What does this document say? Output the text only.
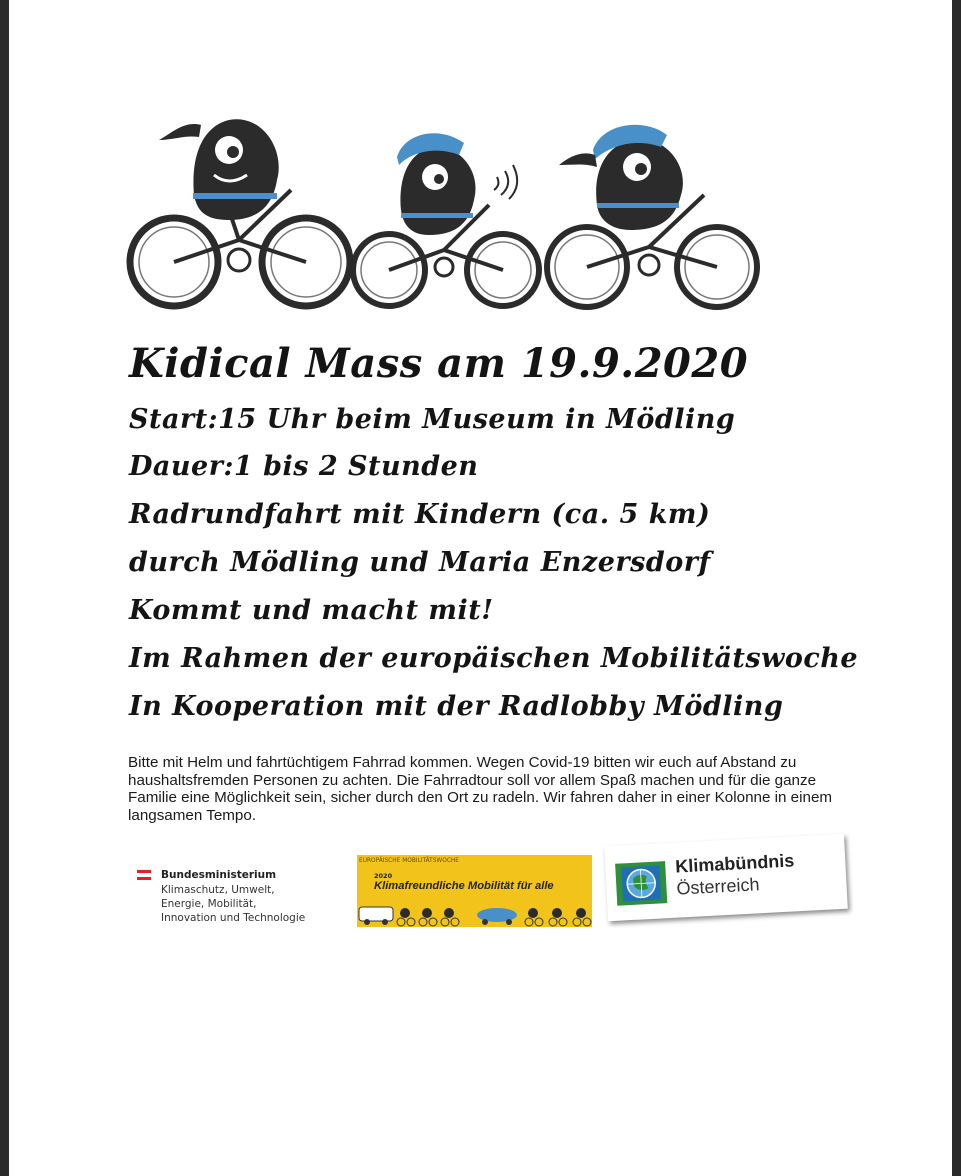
Kidical Mass am 19.9.2020
Start:15 Uhr beim Museum in Mödling
Dauer:1 bis 2 Stunden
Radrundfahrt mit Kindern (ca. 5 km)
durch Mödling und Maria Enzersdorf
Kommt und macht mit!
Im Rahmen der europäischen Mobilitätswoche
In Kooperation mit der Radlobby Mödling
Bitte mit Helm und fahrtüchtigem Fahrrad kommen. Wegen Covid-19 bitten wir euch auf Abstand zu haushaltsfremden Personen zu achten. Die Fahrradtour soll vor allem Spaß machen und für die ganze Familie eine Möglichkeit sein, sicher durch den Ort zu radeln. Wir fahren daher in einer Kolonne in einem langsamen Tempo.
Bundesministerium
Klimaschutz, Umwelt,
Energie, Mobilität,
Innovation und Technologie
EUROPÄISCHE MOBILITÄTSWOCHE
2020
Klimafreundliche Mobilität für alle
Klimabündnis
Österreich
